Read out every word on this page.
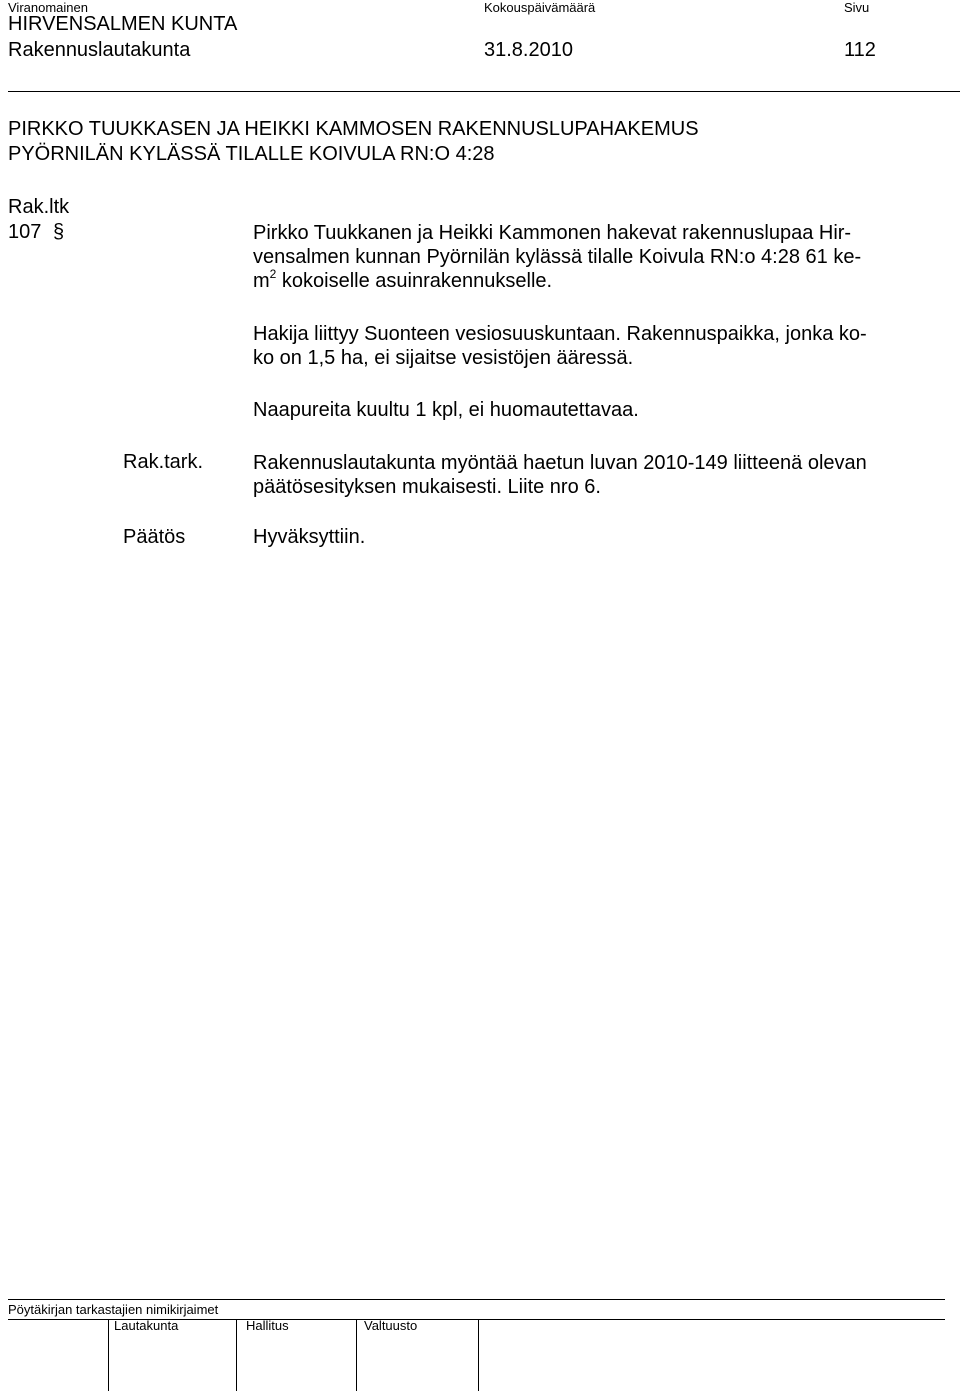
Viranomainen	Kokouspäivämäärä	Sivu
HIRVENSALMEN KUNTA
Rakennuslautakunta	31.8.2010	112
PIRKKO TUUKKASEN JA HEIKKI KAMMOSEN RAKENNUSLUPAHAKEMUS
PYÖRNILÄN KYLÄSSÄ TILALLE KOIVULA RN:O 4:28
Rak.ltk
107 §	Pirkko Tuukkanen ja Heikki Kammonen hakevat rakennuslupaa Hir-
vensalmen kunnan Pyörnilän kylässä tilalle Koivula RN:o 4:28 61 ke-
$m^2$ kokoiselle asuinrakennukselle.
Hakija liittyy Suonteen vesiosuuskuntaan. Rakennuspaikka, jonka ko-
ko on 1,5 ha, ei sijaitse vesistöjen ääressä.
Naapureita kuultu 1 kpl, ei huomautettavaa.
Rak.tark. Rakennuslautakunta myöntää haetun luvan 2010-149 liitteenä olevan
päätösesityksen mukaisesti. Liite nro 6.
Päätös	Hyväksyttiin.
Pöytäkirjan tarkastajien nimikirjaimet
Lautakunta	Hallitus	Valtuusto
